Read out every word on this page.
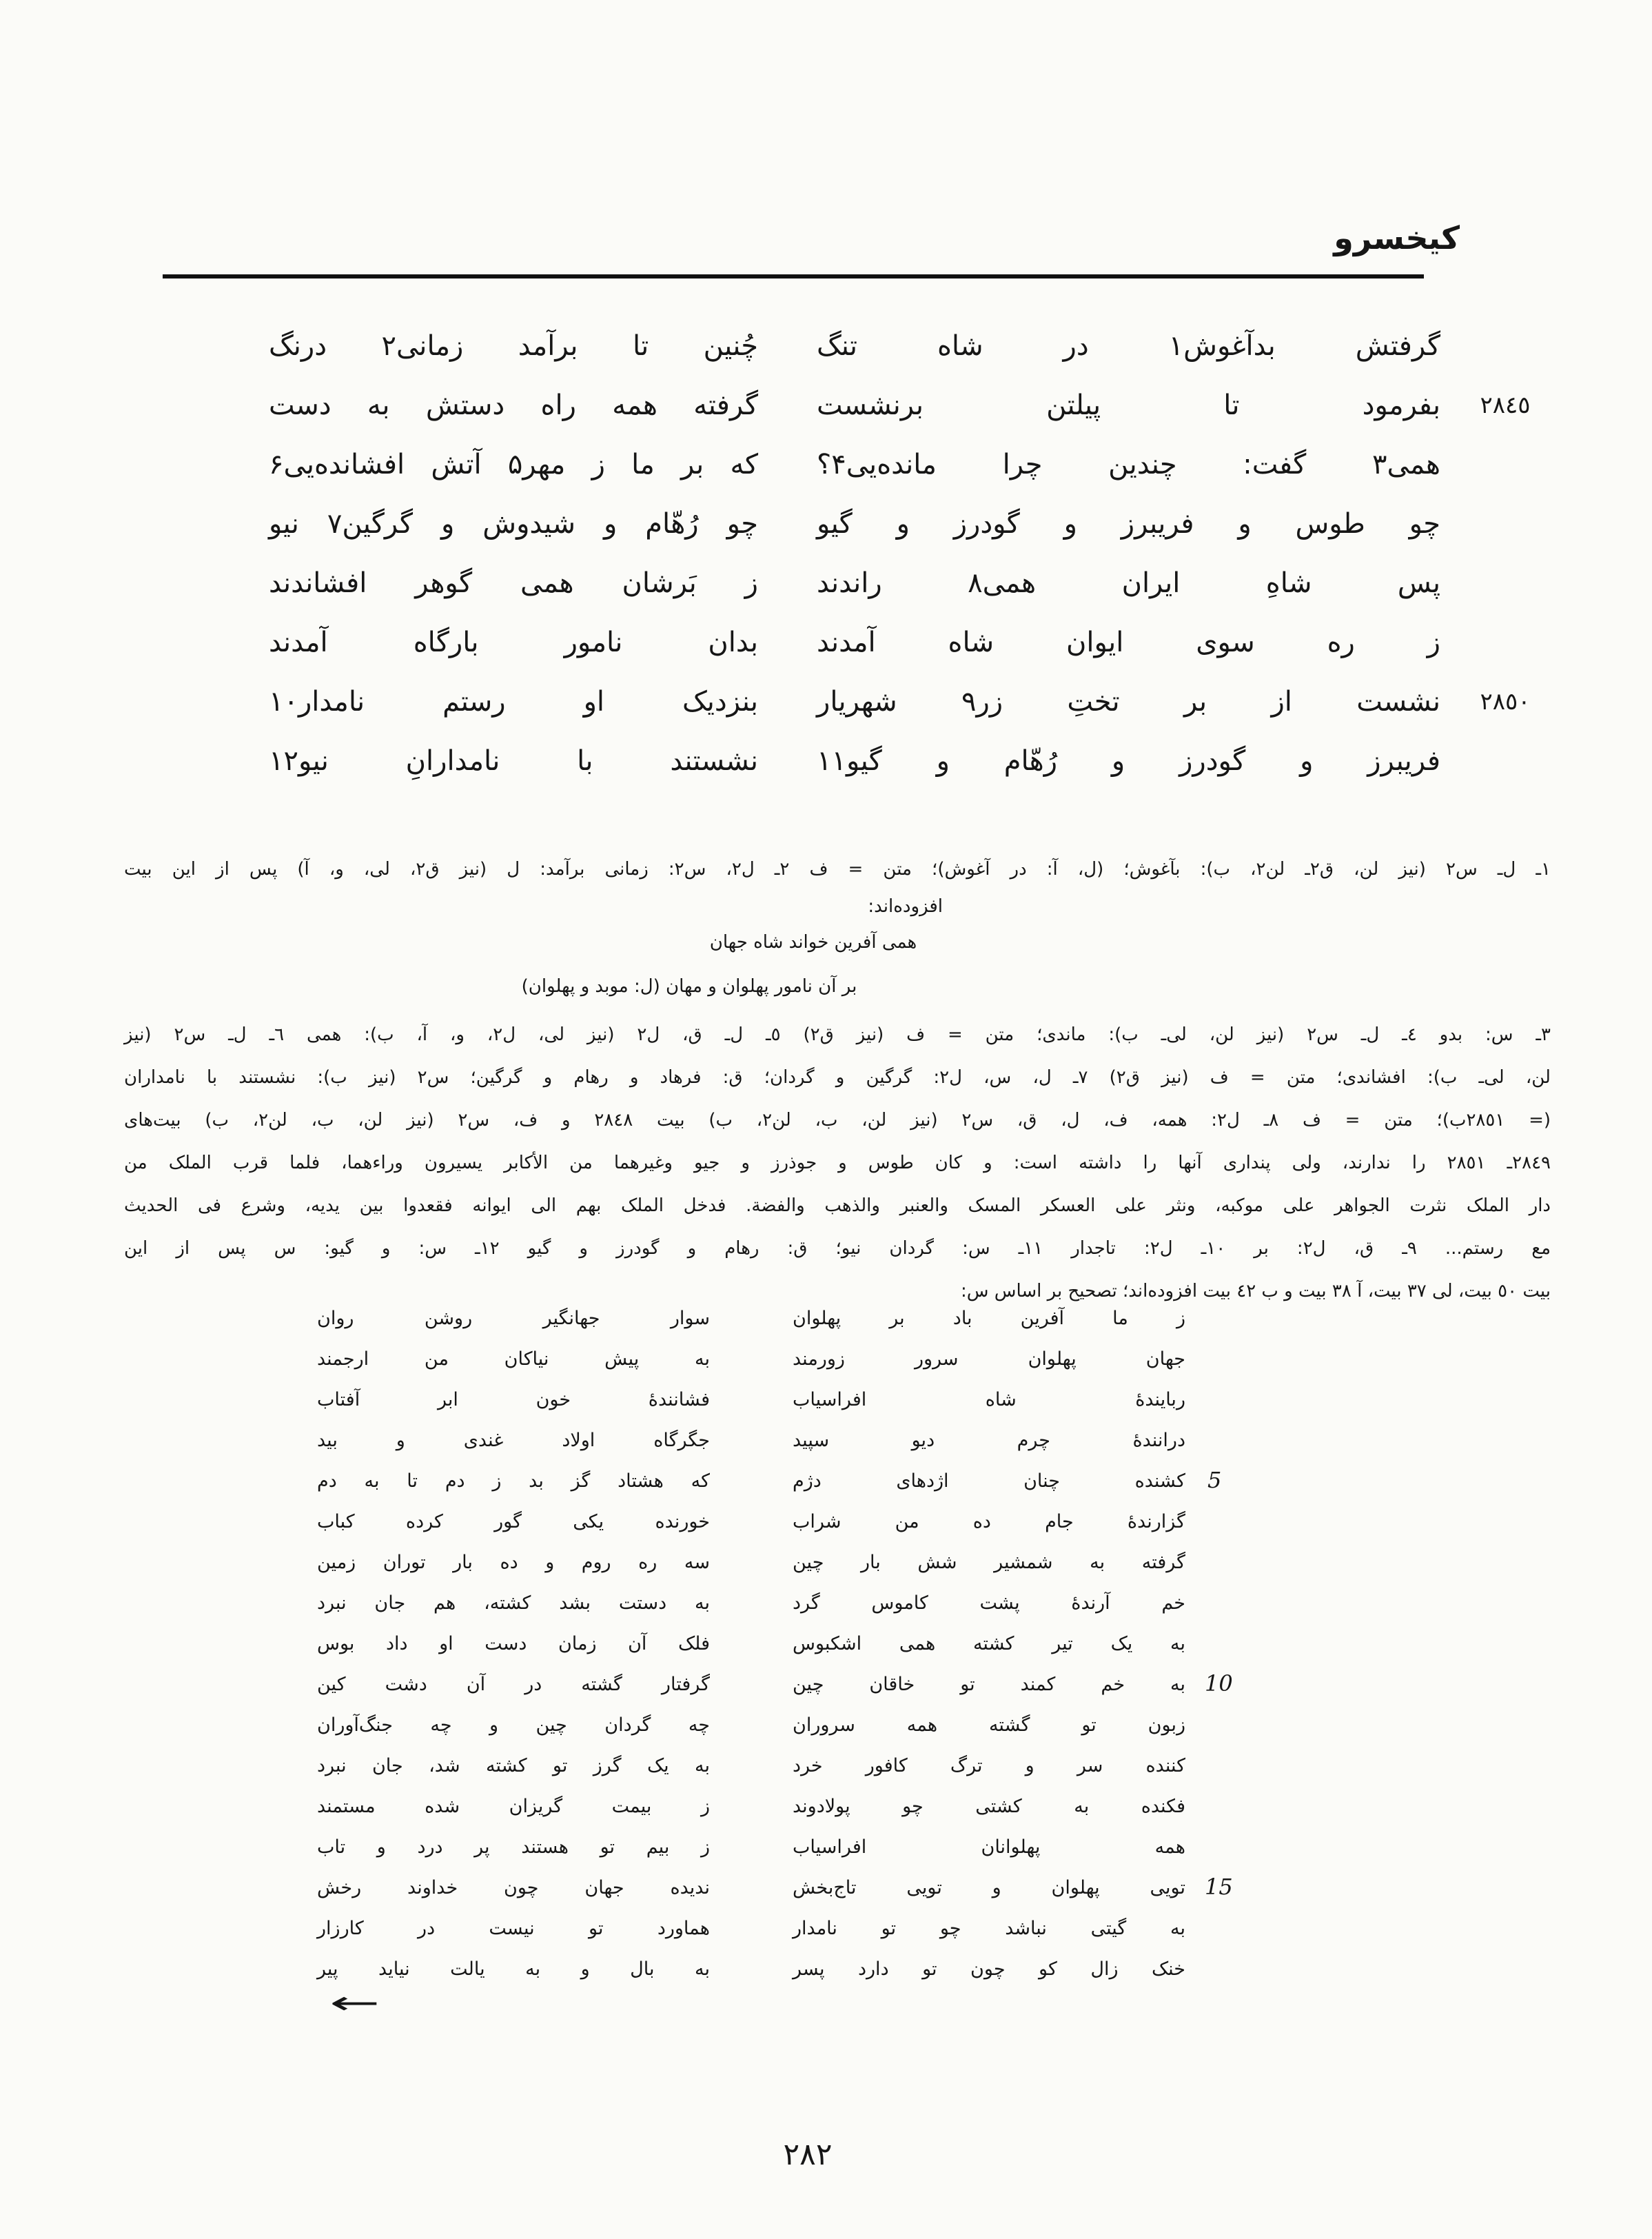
کیخسرو
گرفتش بدآغوش۱ در شاه تنگ
چُنین تا برآمد زمانی۲ درنگ
بفرمود تا پیلتن برنشست
گرفته همه راه دستش به دست
همی۳ گفت: چندین چرا مانده‌یی۴؟
که بر ما ز مهر۵ آتش افشانده‌یی۶
چو طوس و فریبرز و گودرز و گیو
چو رُهّام و شیدوش و گرگین۷ نیو
پس شاهِ ایران همی۸ راندند
ز بَرشان همی گوهر افشاندند
ز ره سوی ایوان شاه آمدند
بدان نامور بارگاه آمدند
نشست از بر تختِ زر۹ شهریار
بنزدیک او رستم نامدار۱۰
فریبرز و گودرز و رُهّام و گیو۱۱
نشستند با نامدارانِ نیو۱۲
٢٨٤٥
٢٨٥٠
۱ـ ل‌ـ س۲ (نیز لن، ق۲ـ لن۲، ب): بآغوش؛ (ل، آ: در آغوش)؛ متن = ف ۲ـ ل۲، س۲: زمانی برآمد: ل (نیز ق۲، لی، و، آ) پس از این بیت
افزوده‌اند:
همی آفرین خواند شاه جهان
بر آن نامور پهلوان و مهان (ل: موبد و پهلوان)
۳ـ س: بدو ٤ـ ل‌ـ س۲ (نیز لن، لی‌ـ ب): ماندی؛ متن = ف (نیز ق۲) ٥ـ ل‌ـ ق، ل۲ (نیز لی، ل۲، و، آ، ب): همی ٦ـ ل‌ـ س۲ (نیز
لن، لی‌ـ ب): افشاندی؛ متن = ف (نیز ق۲) ۷ـ ل، س، ل۲: گرگین و گردان؛ ق: فرهاد و رهام و گرگین؛ س۲ (نیز ب): نشستند با نامداران
(= ۲۸٥۱ب)؛ متن = ف ۸ـ ل۲: همه، ف، ل، ق، س۲ (نیز لن، ب، لن۲، ب) بیت ۲۸٤۸ و ف، س۲ (نیز لن، ب، لن۲، ب) بیت‌های
۲۸٤۹ـ ۲۸٥۱ را ندارند، ولی پنداری آنها را داشته است: و کان طوس و جوذرز و جیو وغیرهما من الأکابر یسیرون وراءهما، فلما قرب الملک من
دار الملک نثرت الجواهر علی موکبه، ونثر علی العسکر المسک والعنبر والذهب والفضة. فدخل الملک بهم الی ایوانه فقعدوا بین یدیه، وشرع فی الحدیث
مع رستم... ۹ـ ق، ل۲: بر ۱۰ـ ل۲: تاجدار ۱۱ـ س: گردان نیو؛ ق: رهام و گودرز و گیو ۱۲ـ س: و گیو: س پس از این
بیت ٥۰ بیت، لی ۳۷ بیت، آ ۳۸ بیت و ب ٤۲ بیت افزوده‌اند؛ تصحیح بر اساس س:
ز ما آفرین باد بر پهلوان
سوار جهانگیر روشن روان
جهان پهلوان سرور زورمند
به پیش نیاکان من ارجمند
ربایندهٔ شاه افراسیاب
فشانندهٔ خون ابر آفتاب
درانندهٔ چرم دیو سپید
جگرگاه اولاد غندی و بید
کشنده چنان اژدهای دژم
که هشتاد گز بد ز دم تا به دم
گزارندهٔ جام ده من شراب
خورنده یکی گور کرده کباب
گرفته به شمشیر شش بار چین
سه ره روم و ده بار توران زمین
خم آرندهٔ پشت کاموس گرد
به دستت بشد کشته، هم جان نبرد
به یک تیر کشته همی اشکبوس
فلک آن زمان دست او داد بوس
به خم کمند تو خاقان چین
گرفتار گشته در آن دشت کین
زبون تو گشته همه سروران
چه گردان چین و چه جنگ‌آوران
کننده سر و ترگ کافور خرد
به یک گرز تو کشته شد، جان نبرد
فکنده به کشتی چو پولادوند
ز بیمت گریزان شده مستمند
همه پهلوانان افراسیاب
ز بیم تو هستند پر درد و تاب
تویی پهلوان و تویی تاج‌بخش
ندیده جهان چون خداوند رخش
به گیتی نباشد چو تو نامدار
هماورد تو نیست در کارزار
خنک زال کو چون تو دارد پسر
به بال و به یالت نیاید پیر
5
10
15
←
۲۸۲
